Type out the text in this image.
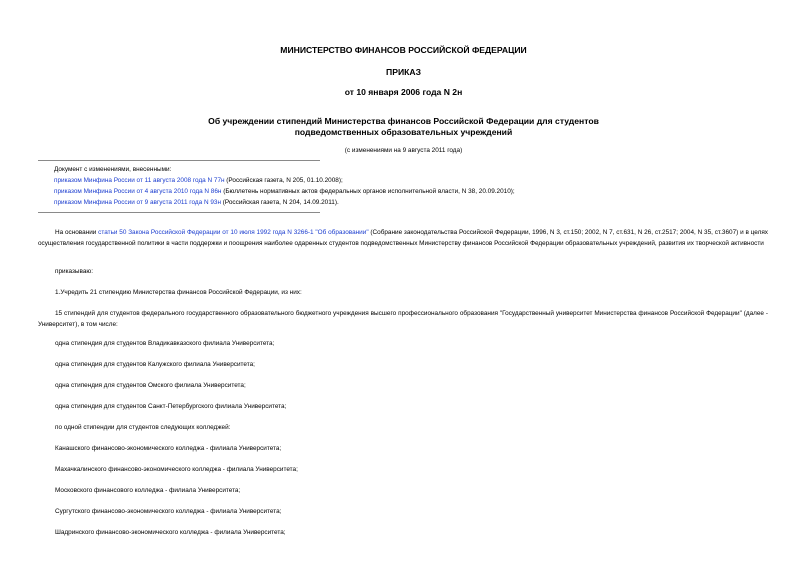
МИНИСТЕРСТВО ФИНАНСОВ РОССИЙСКОЙ ФЕДЕРАЦИИ
ПРИКАЗ
от 10 января 2006 года N 2н
Об учреждении стипендий Министерства финансов Российской Федерации для студентов
подведомственных образовательных учреждений
(с изменениями на 9 августа 2011 года)
Документ с изменениями, внесенными:
приказом Минфина России от 11 августа 2008 года N 77н (Российская газета, N 205, 01.10.2008);
приказом Минфина России от 4 августа 2010 года N 86н (Бюллетень нормативных актов федеральных органов исполнительной власти, N 38, 20.09.2010);
приказом Минфина России от 9 августа 2011 года N 93н (Российская газета, N 204, 14.09.2011).
На основании статьи 50 Закона Российской Федерации от 10 июля 1992 года N 3266-1 "Об образовании" (Собрание законодательства Российской Федерации, 1996, N 3, ст.150; 2002, N 7, ст.631, N 26, ст.2517; 2004, N 35, ст.3607) и в целях осуществления государственной политики в части поддержки и поощрения наиболее одаренных студентов подведомственных Министерству финансов Российской Федерации образовательных учреждений, развития их творческой активности
приказываю:
1.Учредить 21 стипендию Министерства финансов Российской Федерации, из них:
15 стипендий для студентов федерального государственного образовательного бюджетного учреждения высшего профессионального образования "Государственный университет Министерства финансов Российской Федерации" (далее - Университет), в том числе:
одна стипендия для студентов Владикавказского филиала Университета;
одна стипендия для студентов Калужского филиала Университета;
одна стипендия для студентов Омского филиала Университета;
одна стипендия для студентов Санкт-Петербургского филиала Университета;
по одной стипендии для студентов следующих колледжей:
Канашского финансово-экономического колледжа - филиала Университета;
Махачкалинского финансово-экономического колледжа - филиала Университета;
Московского финансового колледжа - филиала Университета;
Сургутского финансово-экономического колледжа - филиала Университета;
Шадринского финансово-экономического колледжа - филиала Университета;
